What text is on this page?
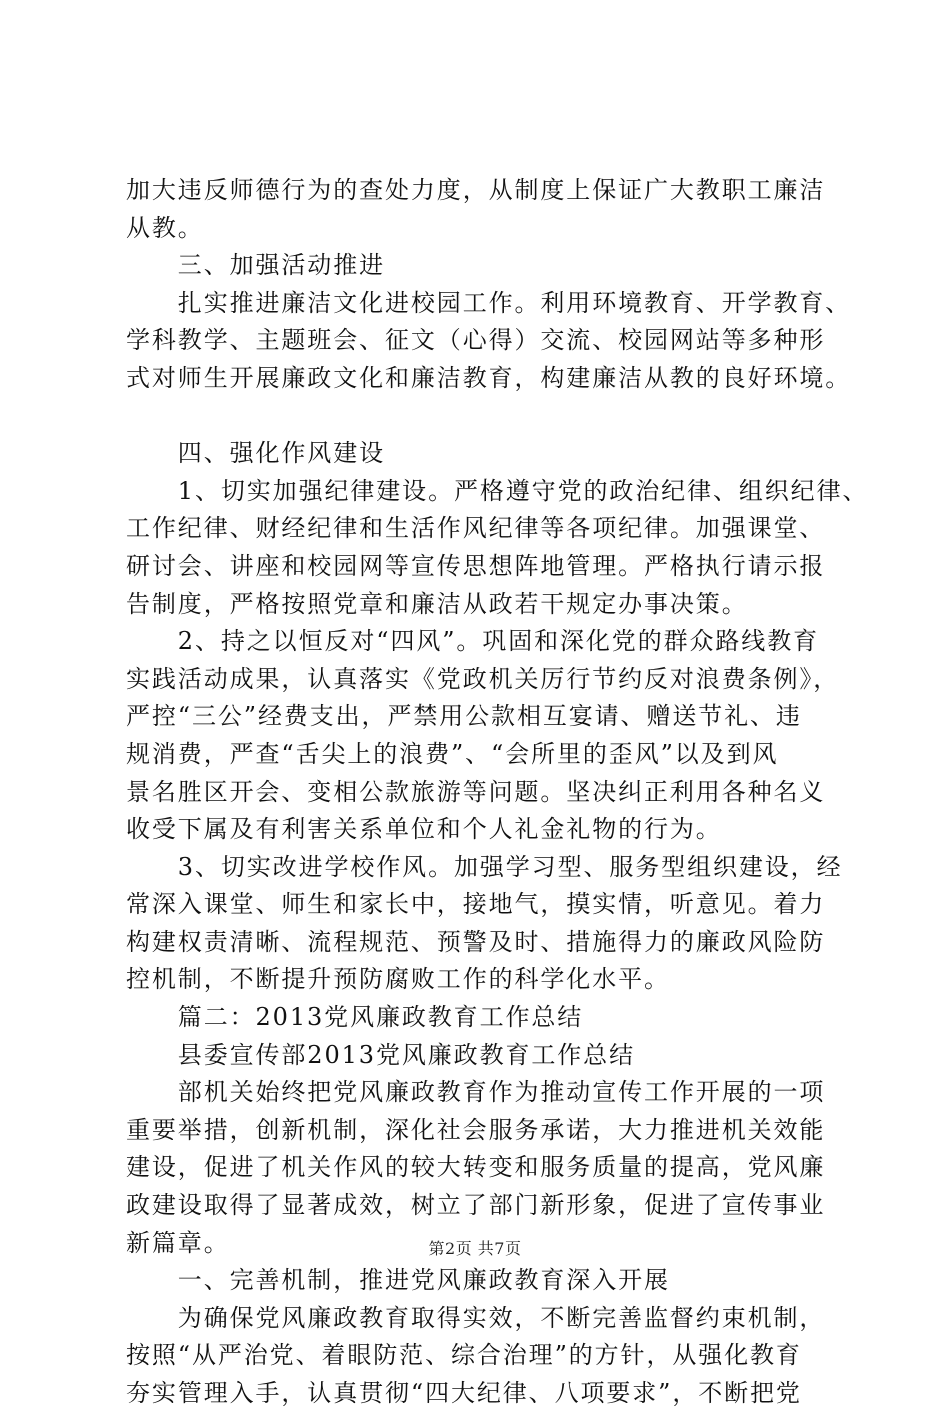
加大违反师德行为的查处力度，从制度上保证广大教职工廉洁
从教。
　　三、加强活动推进
　　扎实推进廉洁文化进校园工作。利用环境教育、开学教育、
学科教学、主题班会、征文（心得）交流、校园网站等多种形
式对师生开展廉政文化和廉洁教育，构建廉洁从教的良好环境。
　　四、强化作风建设
　　1、切实加强纪律建设。严格遵守党的政治纪律、组织纪律、
工作纪律、财经纪律和生活作风纪律等各项纪律。加强课堂、
研讨会、讲座和校园网等宣传思想阵地管理。严格执行请示报
告制度，严格按照党章和廉洁从政若干规定办事决策。
　　2、持之以恒反对“四风”。巩固和深化党的群众路线教育
实践活动成果，认真落实《党政机关厉行节约反对浪费条例》，
严控“三公”经费支出，严禁用公款相互宴请、赠送节礼、违
规消费，严查“舌尖上的浪费”、“会所里的歪风”以及到风
景名胜区开会、变相公款旅游等问题。坚决纠正利用各种名义
收受下属及有利害关系单位和个人礼金礼物的行为。
　　3、切实改进学校作风。加强学习型、服务型组织建设，经
常深入课堂、师生和家长中，接地气，摸实情，听意见。着力
构建权责清晰、流程规范、预警及时、措施得力的廉政风险防
控机制，不断提升预防腐败工作的科学化水平。
　　篇二：2013党风廉政教育工作总结
　　县委宣传部2013党风廉政教育工作总结
　　部机关始终把党风廉政教育作为推动宣传工作开展的一项
重要举措，创新机制，深化社会服务承诺，大力推进机关效能
建设，促进了机关作风的较大转变和服务质量的提高，党风廉
政建设取得了显著成效，树立了部门新形象，促进了宣传事业
新篇章。
　　一、完善机制，推进党风廉政教育深入开展
　　为确保党风廉政教育取得实效，不断完善监督约束机制，
按照“从严治党、着眼防范、综合治理”的方针，从强化教育
夯实管理入手，认真贯彻“四大纪律、八项要求”，不断把党
第2页 共7页
